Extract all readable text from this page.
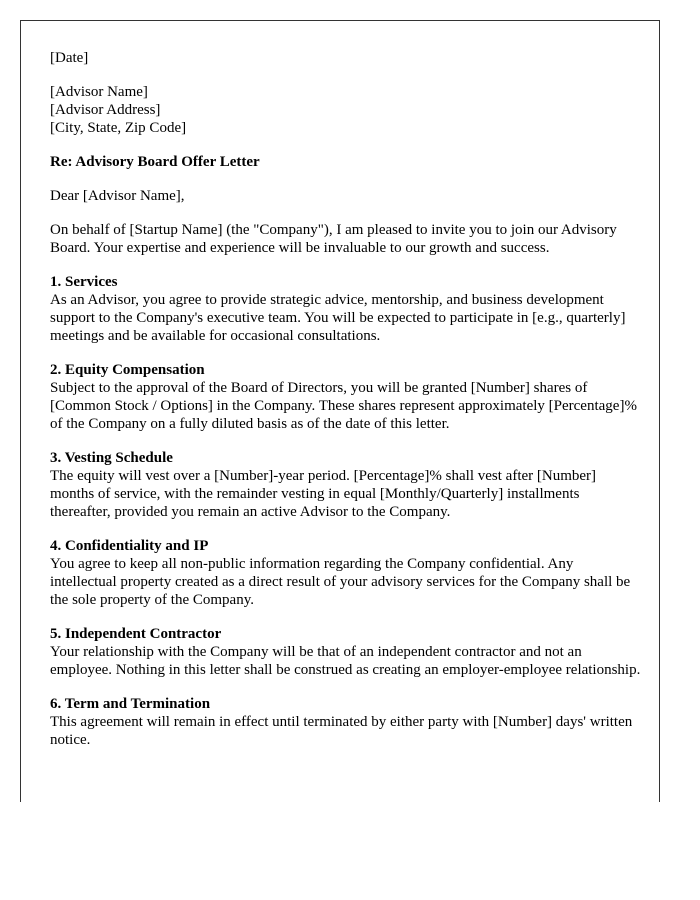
[Date]
[Advisor Name]
[Advisor Address]
[City, State, Zip Code]
Re: Advisory Board Offer Letter
Dear [Advisor Name],

On behalf of [Startup Name] (the "Company"), I am pleased to invite you to join our Advisory Board. Your expertise and experience will be invaluable to our growth and success.

1. Services

As an Advisor, you agree to provide strategic advice, mentorship, and business development support to the Company's executive team. You will be expected to participate in [e.g., quarterly] meetings and be available for occasional consultations.

2. Equity Compensation

Subject to the approval of the Board of Directors, you will be granted [Number] shares of [Common Stock / Options] in the Company. These shares represent approximately [Percentage]% of the Company on a fully diluted basis as of the date of this letter.

3. Vesting Schedule

The equity will vest over a [Number]-year period. [Percentage]% shall vest after [Number] months of service, with the remainder vesting in equal [Monthly/Quarterly] installments thereafter, provided you remain an active Advisor to the Company.

4. Confidentiality and IP

You agree to keep all non-public information regarding the Company confidential. Any intellectual property created as a direct result of your advisory services for the Company shall be the sole property of the Company.

5. Independent Contractor

Your relationship with the Company will be that of an independent contractor and not an employee. Nothing in this letter shall be construed as creating an employer-employee relationship.

6. Term and Termination

This agreement will remain in effect until terminated by either party with [Number] days' written notice.
